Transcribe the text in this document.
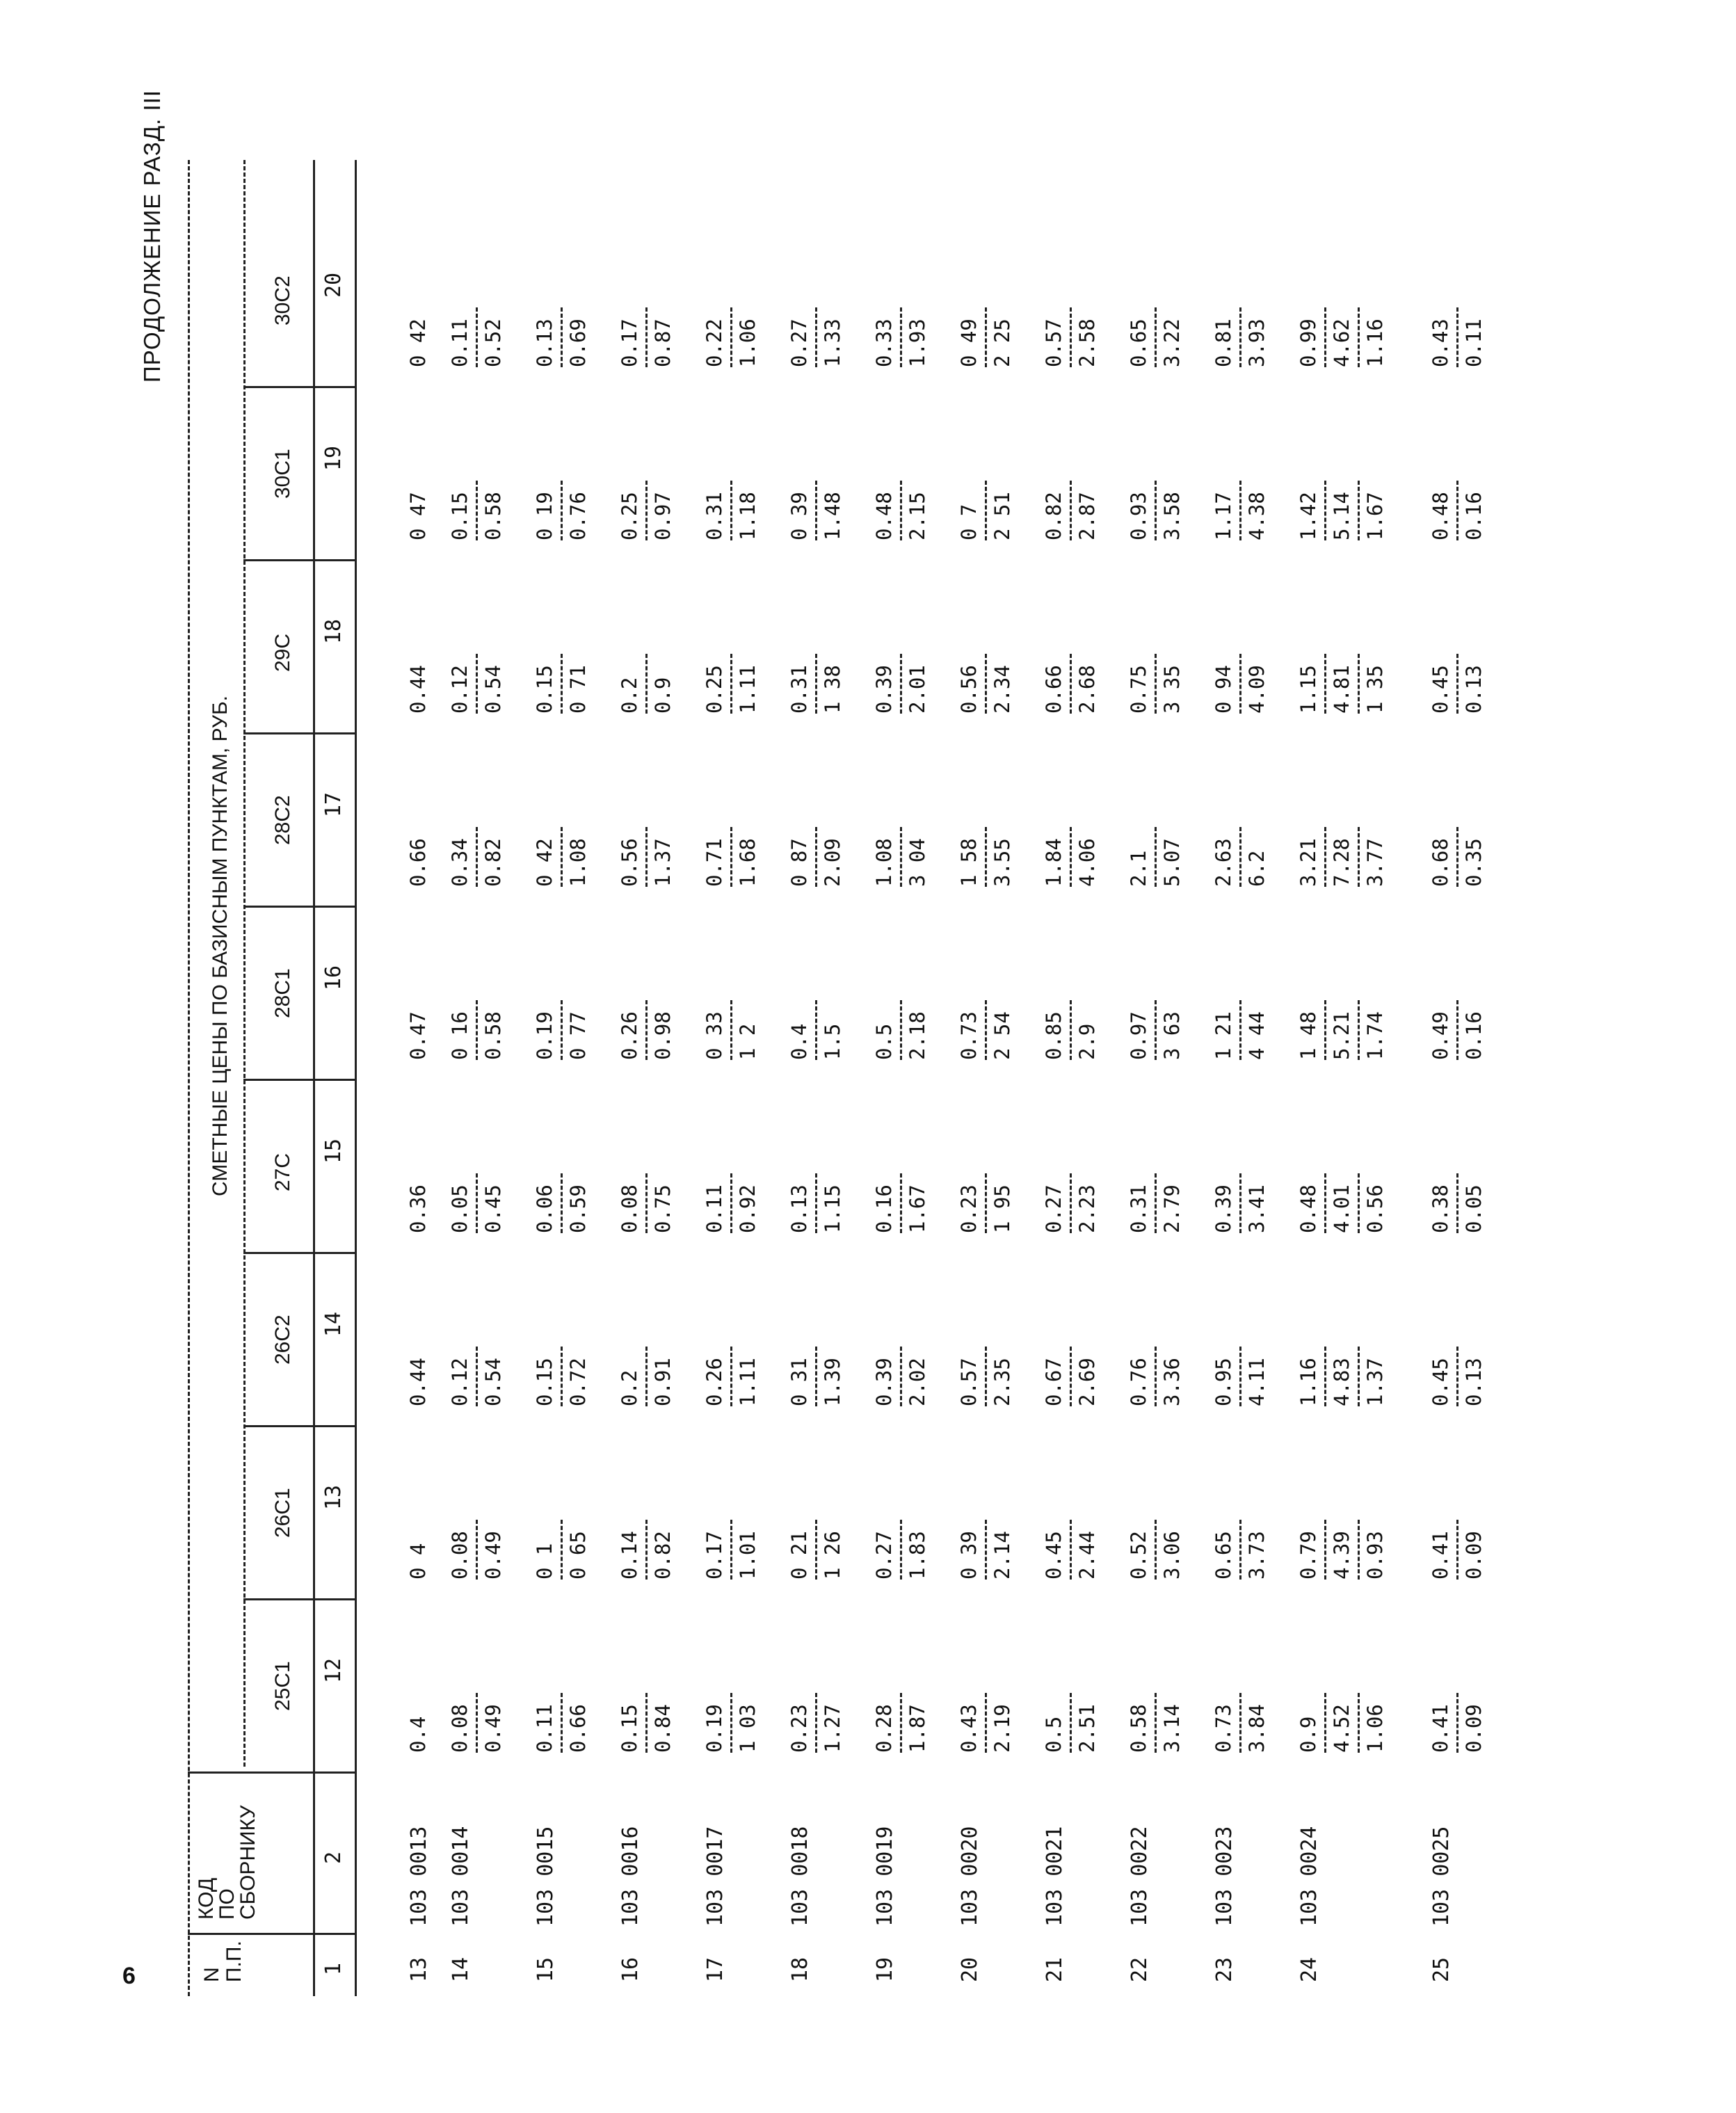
6
ПРОДОЛЖЕНИЕ РАЗД. III
N П.П.
КОД
ПО
СБОРНИКУ
СМЕТНЫЕ ЦЕНЫ ПО БАЗИСНЫМ ПУНКТАМ, РУБ.
25С1
26С1
26С2
27С
28С1
28С2
29С
30С1
30С2
1
2
12
13
14
15
16
17
18
19
20
13
103 0013
0.4
0 4
0.44
0.36
0.47
0.66
0.44
0 47
0 42
14
103 0014
0.08 0.49
0.08 0.49
0.12 0.54
0.05 0.45
0 16 0.58
0.34 0.82
0.12 0.54
0.15 0.58
0.11 0.52
15
103 0015
0.11 0.66
0 1 0 65
0.15 0.72
0.06 0.59
0.19 0 77
0 42 1.08
0.15 0 71
0 19 0.76
0.13 0.69
16
103 0016
0.15 0.84
0.14 0.82
0.2 0.91
0.08 0.75
0.26 0.98
0.56 1.37
0.2 0.9
0.25 0.97
0.17 0.87
17
103 0017
0.19 1 03
0.17 1.01
0.26 1.11
0.11 0.92
0 33 1 2
0.71 1.68
0.25 1.11
0.31 1.18
0.22 1.06
18
103 0018
0.23 1.27
0 21 1 26
0 31 1.39
0.13 1.15
0.4 1.5
0 87 2.09
0.31 1 38
0 39 1.48
0.27 1.33
19
103 0019
0.28 1.87
0.27 1.83
0.39 2.02
0.16 1.67
0.5 2.18
1.08 3 04
0.39 2.01
0.48 2.15
0.33 1.93
20
103 0020
0.43 2.19
0 39 2.14
0.57 2.35
0.23 1 95
0.73 2 54
1 58 3.55
0.56 2.34
0 7 2 51
0 49 2 25
21
103 0021
0.5 2.51
0.45 2.44
0.67 2.69
0.27 2.23
0.85 2.9
1.84 4.06
0.66 2.68
0.82 2.87
0.57 2.58
22
103 0022
0.58 3.14
0.52 3.06
0.76 3.36
0.31 2.79
0.97 3 63
2.1 5.07
0.75 3 35
0.93 3.58
0.65 3.22
23
103 0023
0.73 3.84
0.65 3.73
0.95 4.11
0.39 3.41
1 21 4 44
2.63 6.2
0 94 4.09
1.17 4.38
0.81 3.93
24
103 0024
0.9 4.52 1.06
0.79 4.39 0.93
1.16 4.83 1.37
0.48 4.01 0.56
1 48 5.21 1.74
3.21 7.28 3.77
1.15 4.81 1 35
1.42 5.14 1.67
0.99 4.62 1.16
25
103 0025
0.41 0.09
0.41 0.09
0.45 0.13
0.38 0.05
0.49 0.16
0.68 0.35
0.45 0.13
0.48 0.16
0.43 0.11
